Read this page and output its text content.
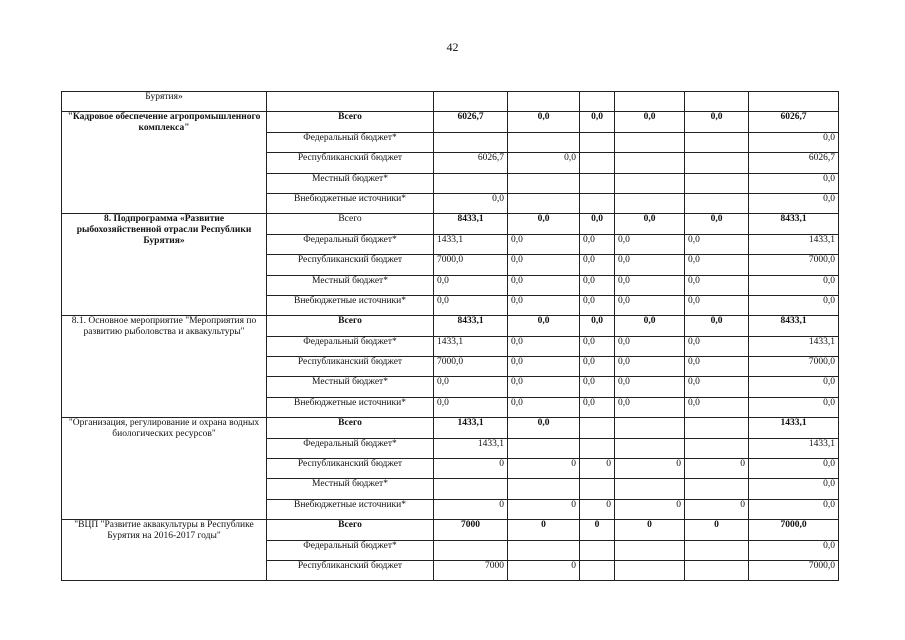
42
Бурятия»							
"Кадровое обеспечение агропромышленного комплекса"	Всего	6026,7	0,0	0,0	0,0	0,0	6026,7
	Федеральный бюджет*						0,0
	Республиканский бюджет	6026,7	0,0				6026,7
	Местный бюджет*						0,0
	Внебюджетные источники*	0,0					0,0
8. Подпрограмма «Развитие рыбохозяйственной отрасли Республики Бурятия»	Всего	8433,1	0,0	0,0	0,0	0,0	8433,1
	Федеральный бюджет*	1433,1	0,0	0,0	0,0	0,0	1433,1
	Республиканский бюджет	7000,0	0,0	0,0	0,0	0,0	7000,0
	Местный бюджет*	0,0	0,0	0,0	0,0	0,0	0,0
	Внебюджетные источники*	0,0	0,0	0,0	0,0	0,0	0,0
8.1. Основное мероприятие "Мероприятия по развитию рыболовства и аквакультуры"	Всего	8433,1	0,0	0,0	0,0	0,0	8433,1
	Федеральный бюджет*	1433,1	0,0	0,0	0,0	0,0	1433,1
	Республиканский бюджет	7000,0	0,0	0,0	0,0	0,0	7000,0
	Местный бюджет*	0,0	0,0	0,0	0,0	0,0	0,0
	Внебюджетные источники*	0,0	0,0	0,0	0,0	0,0	0,0
"Организация, регулирование и охрана водных биологических ресурсов"	Всего	1433,1	0,0				1433,1
	Федеральный бюджет*	1433,1					1433,1
	Республиканский бюджет	0	0	0	0	0	0,0
	Местный бюджет*						0,0
	Внебюджетные источники*	0	0	0	0	0	0,0
"ВЦП "Развитие аквакультуры в Республике Бурятия на 2016-2017 годы"	Всего	7000	0	0	0	0	7000,0
	Федеральный бюджет*						0,0
	Республиканский бюджет	7000	0				7000,0
